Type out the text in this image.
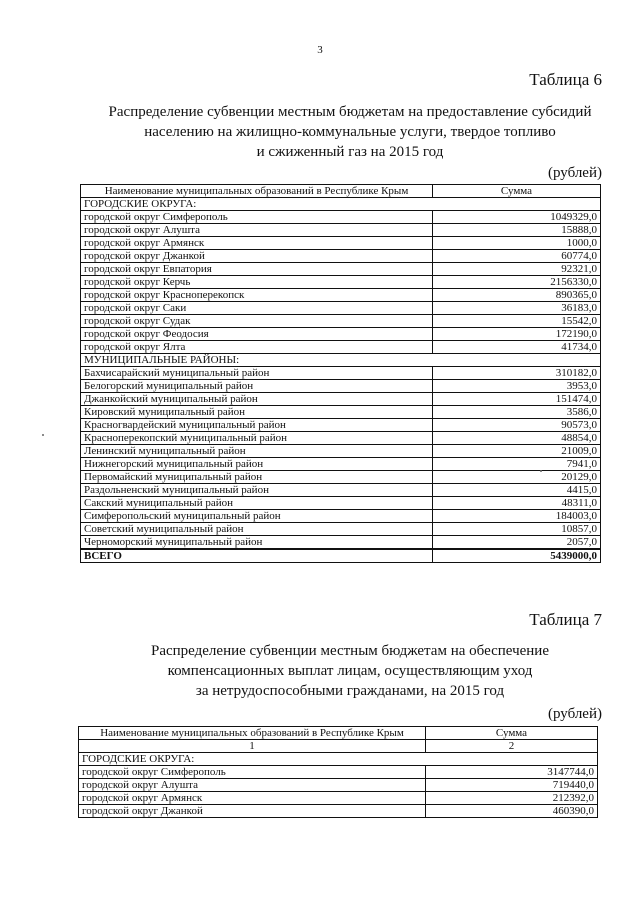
3
Таблица 6
Распределение субвенции местным бюджетам на предоставление субсидий
населению на жилищно-коммунальные услуги, твердое топливо
и сжиженный газ на 2015 год
(рублей)
Наименование муниципальных образований в Республике Крым	Сумма
ГОРОДСКИЕ ОКРУГА:	
городской округ Симферополь	1049329,0
городской округ Алушта	15888,0
городской округ Армянск	1000,0
городской округ Джанкой	60774,0
городской округ Евпатория	92321,0
городской округ Керчь	2156330,0
городской округ Красноперекопск	890365,0
городской округ Саки	36183,0
городской округ Судак	15542,0
городской округ Феодосия	172190,0
городской округ Ялта	41734,0
МУНИЦИПАЛЬНЫЕ РАЙОНЫ:	
Бахчисарайский муниципальный район	310182,0
Белогорский муниципальный район	3953,0
Джанкойский муниципальный район	151474,0
Кировский муниципальный район	3586,0
Красногвардейский муниципальный район	90573,0
Красноперекопский муниципальный район	48854,0
Ленинский муниципальный район	21009,0
Нижнегорский муниципальный район	7941,0
Первомайский муниципальный район	20129,0
Раздольненский муниципальный район	4415,0
Сакский муниципальный район	48311,0
Симферопольский муниципальный район	184003,0
Советский муниципальный район	10857,0
Черноморский муниципальный район	2057,0
ВСЕГО	5439000,0
Таблица 7
Распределение субвенции местным бюджетам на обеспечение
компенсационных выплат лицам, осуществляющим уход
за нетрудоспособными гражданами, на 2015 год
(рублей)
Наименование муниципальных образований в Республике Крым	Сумма
1	2
ГОРОДСКИЕ ОКРУГА:	
городской округ Симферополь	3147744,0
городской округ Алушта	719440,0
городской округ Армянск	212392,0
городской округ Джанкой	460390,0
